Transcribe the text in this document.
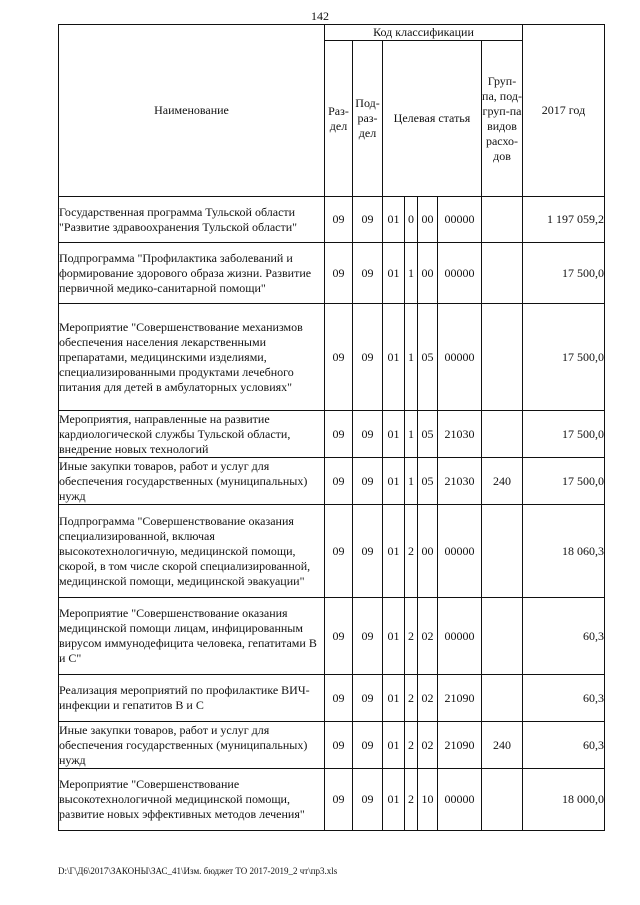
142
Наименование	Код классификации							2017 год
	Раз-дел	Под-раз-дел	Целевая статья				Груп-па, под-груп-па видов расхо-дов	
Государственная программа Тульской области "Развитие здравоохранения Тульской области"	09	09	01	0	00	00000		1 197 059,2
Подпрограмма "Профилактика заболеваний и формирование здорового образа жизни. Развитие первичной медико-санитарной помощи"	09	09	01	1	00	00000		17 500,0
Мероприятие "Совершенствование механизмов обеспечения населения лекарственными препаратами, медицинскими изделиями, специализированными продуктами лечебного питания для детей в амбулаторных условиях"	09	09	01	1	05	00000		17 500,0
Мероприятия, направленные на развитие кардиологической службы Тульской области, внедрение новых технологий	09	09	01	1	05	21030		17 500,0
Иные закупки товаров, работ и услуг для обеспечения государственных (муниципальных) нужд	09	09	01	1	05	21030	240	17 500,0
Подпрограмма "Совершенствование оказания специализированной, включая высокотехнологичную, медицинской помощи, скорой, в том числе скорой специализированной, медицинской помощи, медицинской эвакуации"	09	09	01	2	00	00000		18 060,3
Мероприятие "Совершенствование оказания медицинской помощи лицам, инфицированным вирусом иммунодефицита человека, гепатитами В и С"	09	09	01	2	02	00000		60,3
Реализация мероприятий по профилактике ВИЧ-инфекции и гепатитов В и С	09	09	01	2	02	21090		60,3
Иные закупки товаров, работ и услуг для обеспечения государственных (муниципальных) нужд	09	09	01	2	02	21090	240	60,3
Мероприятие "Совершенствование высокотехнологичной медицинской помощи, развитие новых эффективных методов лечения"	09	09	01	2	10	00000		18 000,0
D:\Г\Д6\2017\ЗАКОНЫ\ЗАС_41\Изм. бюджет ТО 2017-2019_2 чт\пр3.xls
